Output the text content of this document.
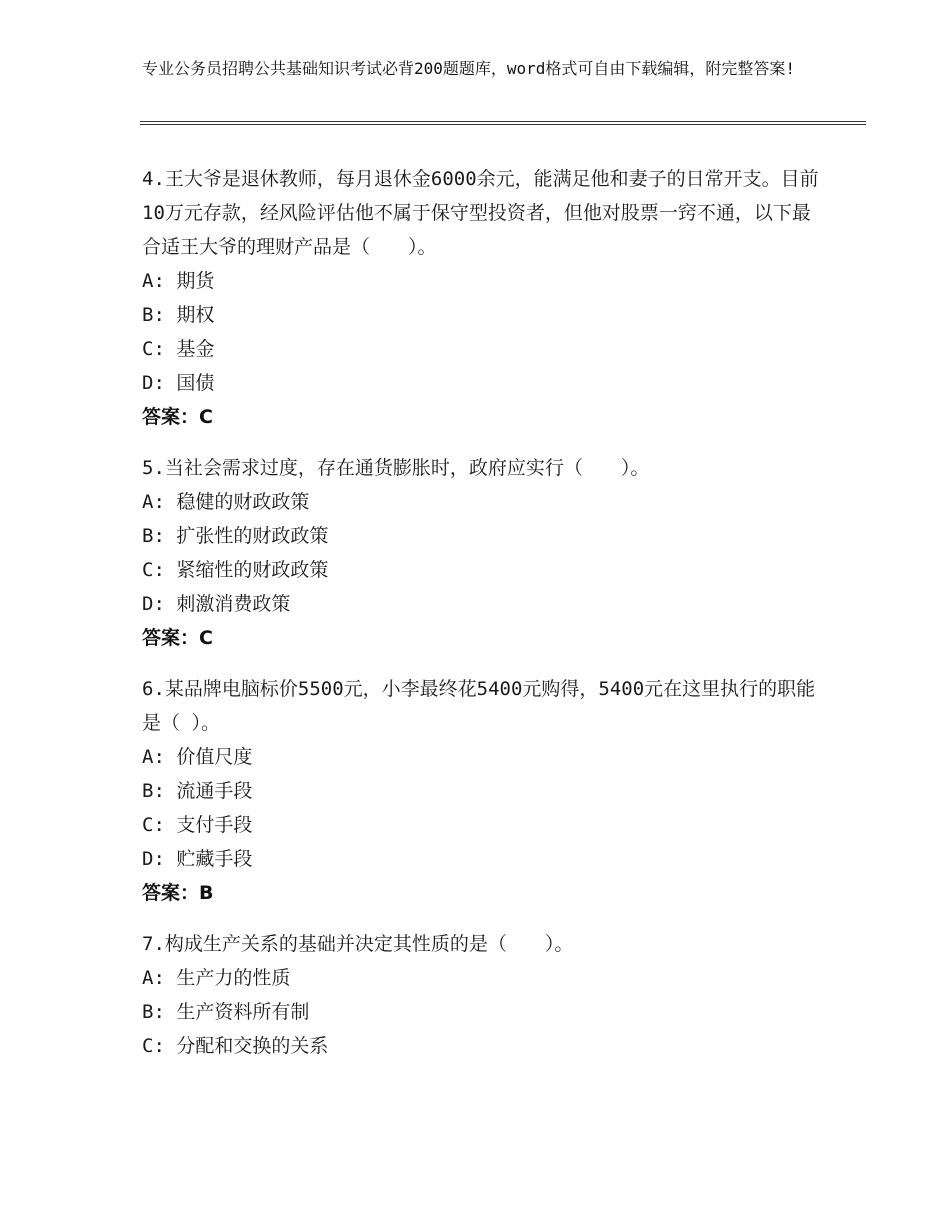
专业公务员招聘公共基础知识考试必背200题题库，word格式可自由下载编辑，附完整答案!

4.王大爷是退休教师，每月退休金6000余元，能满足他和妻子的日常开支。目前10万元存款，经风险评估他不属于保守型投资者，但他对股票一窍不通，以下最合适王大爷的理财产品是（　　）。

A: 期货

B: 期权

C: 基金

D: 国债

答案：C

5.当社会需求过度，存在通货膨胀时，政府应实行（　　）。

A: 稳健的财政政策

B: 扩张性的财政政策

C: 紧缩性的财政政策

D: 刺激消费政策

答案：C

6.某品牌电脑标价5500元，小李最终花5400元购得，5400元在这里执行的职能是（ ）。

A: 价值尺度

B: 流通手段

C: 支付手段

D: 贮藏手段

答案：B

7.构成生产关系的基础并决定其性质的是（　　）。

A: 生产力的性质

B: 生产资料所有制

C: 分配和交换的关系
